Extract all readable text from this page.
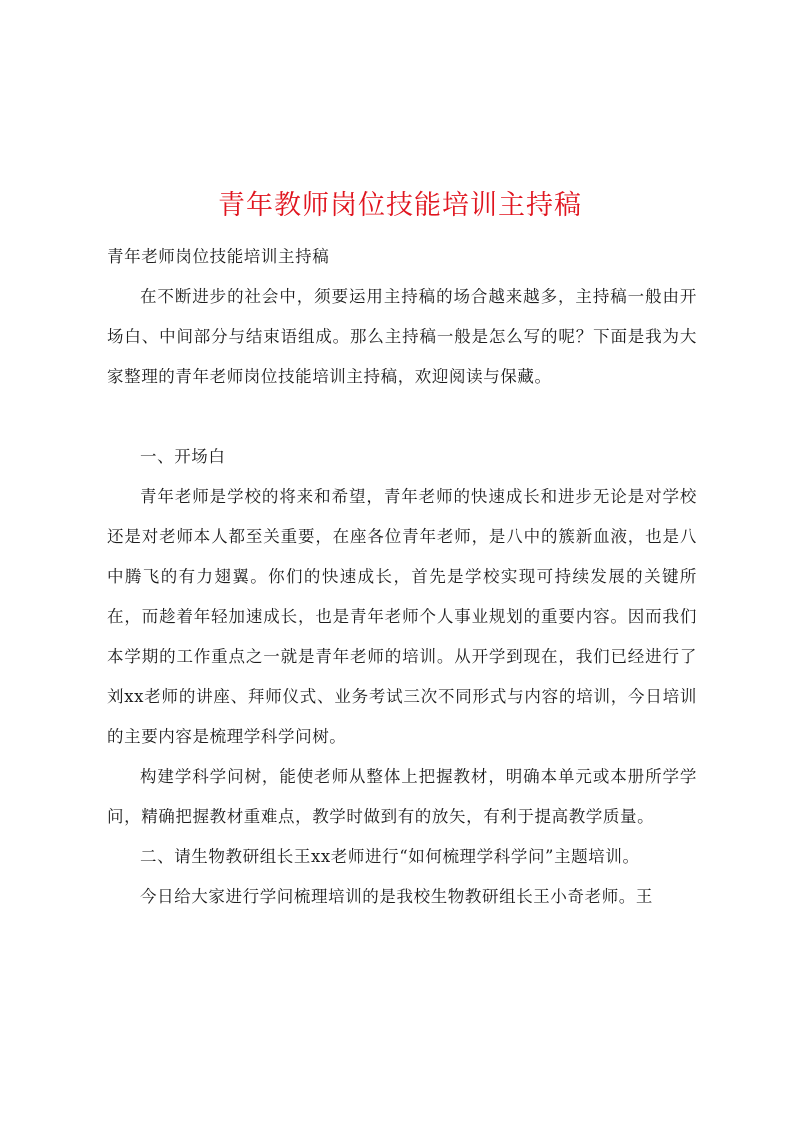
青年教师岗位技能培训主持稿

青年老师岗位技能培训主持稿

在不断进步的社会中，须要运用主持稿的场合越来越多，主持稿一般由开场白、中间部分与结束语组成。那么主持稿一般是怎么写的呢？下面是我为大家整理的青年老师岗位技能培训主持稿，欢迎阅读与保藏。

一、开场白

青年老师是学校的将来和希望，青年老师的快速成长和进步无论是对学校还是对老师本人都至关重要，在座各位青年老师，是八中的簇新血液，也是八中腾飞的有力翅翼。你们的快速成长，首先是学校实现可持续发展的关键所在，而趁着年轻加速成长，也是青年老师个人事业规划的重要内容。因而我们本学期的工作重点之一就是青年老师的培训。从开学到现在，我们已经进行了刘xx老师的讲座、拜师仪式、业务考试三次不同形式与内容的培训，今日培训的主要内容是梳理学科学问树。

构建学科学问树，能使老师从整体上把握教材，明确本单元或本册所学学问，精确把握教材重难点，教学时做到有的放矢，有利于提高教学质量。

二、请生物教研组长王xx老师进行“如何梳理学科学问”主题培训。

今日给大家进行学问梳理培训的是我校生物教研组长王小奇老师。王
